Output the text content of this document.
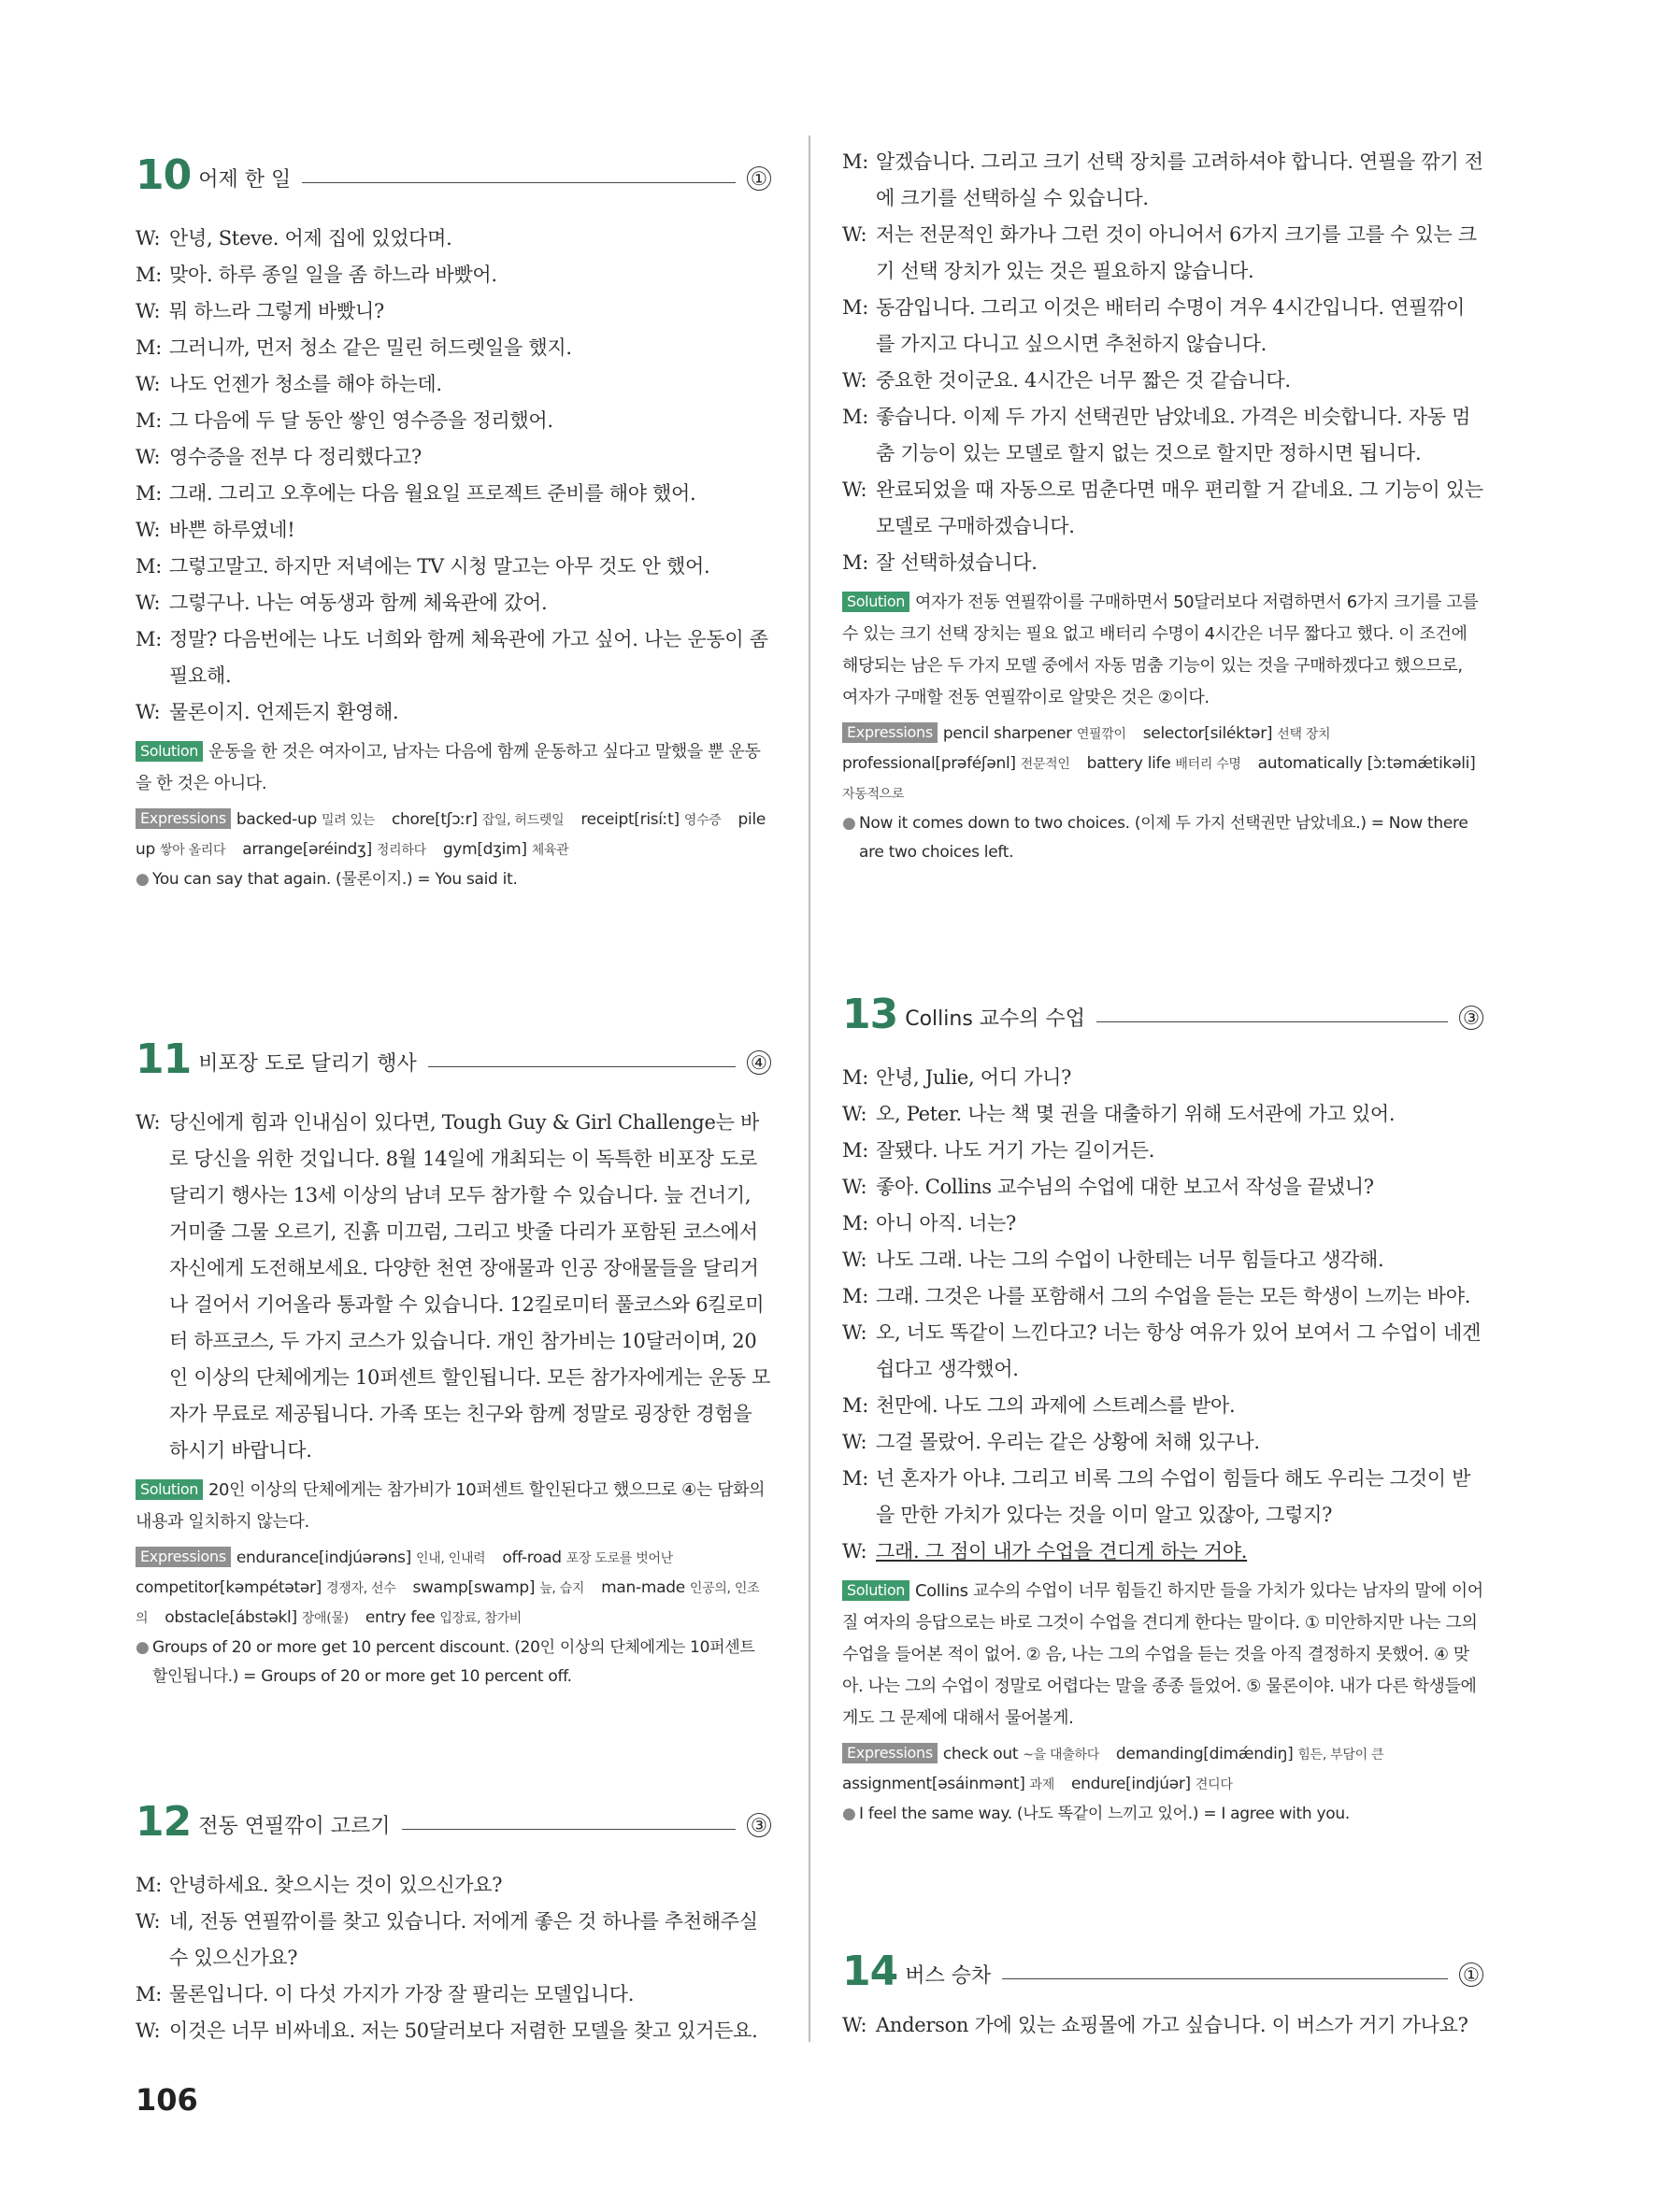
10 어제 한 일	①
W: 안녕, Steve. 어제 집에 있었다며.
M: 맞아. 하루 종일 일을 좀 하느라 바빴어.
W: 뭐 하느라 그렇게 바빴니?
M: 그러니까, 먼저 청소 같은 밀린 허드렛일을 했지.
W: 나도 언젠가 청소를 해야 하는데.
M: 그 다음에 두 달 동안 쌓인 영수증을 정리했어.
W: 영수증을 전부 다 정리했다고?
M: 그래. 그리고 오후에는 다음 월요일 프로젝트 준비를 해야 했어.
W: 바쁜 하루였네!
M: 그렇고말고. 하지만 저녁에는 TV 시청 말고는 아무 것도 안 했어.
W: 그렇구나. 나는 여동생과 함께 체육관에 갔어.
M: 정말? 다음번에는 나도 너희와 함께 체육관에 가고 싶어. 나는 운동이 좀 필요해.
W: 물론이지. 언제든지 환영해.
Solution 운동을 한 것은 여자이고, 남자는 다음에 함께 운동하고 싶다고 말했을 뿐 운동을 한 것은 아니다.
Expressions backed-up 밀려 있는 chore[tʃɔːr] 잡일, 허드렛일 receipt[risíːt] 영수증 pile up 쌓아 올리다 arrange[əréindʒ] 정리하다 gym[dʒim] 체육관
● You can say that again. (물론이지.) = You said it.
11 비포장 도로 달리기 행사	④
W: 당신에게 힘과 인내심이 있다면, Tough Guy & Girl Challenge는 바로 당신을 위한 것입니다. 8월 14일에 개최되는 이 독특한 비포장 도로 달리기 행사는 13세 이상의 남녀 모두 참가할 수 있습니다. 늪 건너기, 거미줄 그물 오르기, 진흙 미끄럼, 그리고 밧줄 다리가 포함된 코스에서 자신에게 도전해보세요. 다양한 천연 장애물과 인공 장애물들을 달리거나 걸어서 기어올라 통과할 수 있습니다. 12킬로미터 풀코스와 6킬로미터 하프코스, 두 가지 코스가 있습니다. 개인 참가비는 10달러이며, 20인 이상의 단체에게는 10퍼센트 할인됩니다. 모든 참가자에게는 운동 모자가 무료로 제공됩니다. 가족 또는 친구와 함께 정말로 굉장한 경험을 하시기 바랍니다.
Solution 20인 이상의 단체에게는 참가비가 10퍼센트 할인된다고 했으므로 ④는 담화의 내용과 일치하지 않는다.
Expressions endurance[indjúərəns] 인내, 인내력 off-road 포장 도로를 벗어난competitor[kəmpétətər] 경쟁자, 선수 swamp[swamp] 늪, 습지 man-made 인공의, 인조의 obstacle[ábstəkl] 장애(물) entry fee 입장료, 참가비
● Groups of 20 or more get 10 percent discount. (20인 이상의 단체에게는 10퍼센트 할인됩니다.) = Groups of 20 or more get 10 percent off.
12 전동 연필깎이 고르기	③
M: 안녕하세요. 찾으시는 것이 있으신가요?
W: 네, 전동 연필깎이를 찾고 있습니다. 저에게 좋은 것 하나를 추천해주실 수 있으신가요?
M: 물론입니다. 이 다섯 가지가 가장 잘 팔리는 모델입니다.
W: 이것은 너무 비싸네요. 저는 50달러보다 저렴한 모델을 찾고 있거든요.
M: 알겠습니다. 그리고 크기 선택 장치를 고려하셔야 합니다. 연필을 깎기 전에 크기를 선택하실 수 있습니다.
W: 저는 전문적인 화가나 그런 것이 아니어서 6가지 크기를 고를 수 있는 크기 선택 장치가 있는 것은 필요하지 않습니다.
M: 동감입니다. 그리고 이것은 배터리 수명이 겨우 4시간입니다. 연필깎이를 가지고 다니고 싶으시면 추천하지 않습니다.
W: 중요한 것이군요. 4시간은 너무 짧은 것 같습니다.
M: 좋습니다. 이제 두 가지 선택권만 남았네요. 가격은 비슷합니다. 자동 멈춤 기능이 있는 모델로 할지 없는 것으로 할지만 정하시면 됩니다.
W: 완료되었을 때 자동으로 멈춘다면 매우 편리할 거 같네요. 그 기능이 있는 모델로 구매하겠습니다.
M: 잘 선택하셨습니다.
Solution 여자가 전동 연필깎이를 구매하면서 50달러보다 저렴하면서 6가지 크기를 고를 수 있는 크기 선택 장치는 필요 없고 배터리 수명이 4시간은 너무 짧다고 했다. 이 조건에 해당되는 남은 두 가지 모델 중에서 자동 멈춤 기능이 있는 것을 구매하겠다고 했으므로, 여자가 구매할 전동 연필깎이로 알맞은 것은 ②이다.
Expressions pencil sharpener 연필깎이 selector[siléktər] 선택 장치professional[prəféʃənl] 전문적인 battery life 배터리 수명 automatically [ɔ̀ːtəmǽtikəli]자동적으로
● Now it comes down to two choices. (이제 두 가지 선택권만 남았네요.) = Now there are two choices left.
13 Collins 교수의 수업	③
M: 안녕, Julie, 어디 가니?
W: 오, Peter. 나는 책 몇 권을 대출하기 위해 도서관에 가고 있어.
M: 잘됐다. 나도 거기 가는 길이거든.
W: 좋아. Collins 교수님의 수업에 대한 보고서 작성을 끝냈니?
M: 아니 아직. 너는?
W: 나도 그래. 나는 그의 수업이 나한테는 너무 힘들다고 생각해.
M: 그래. 그것은 나를 포함해서 그의 수업을 듣는 모든 학생이 느끼는 바야.
W: 오, 너도 똑같이 느낀다고? 너는 항상 여유가 있어 보여서 그 수업이 네겐 쉽다고 생각했어.
M: 천만에. 나도 그의 과제에 스트레스를 받아.
W: 그걸 몰랐어. 우리는 같은 상황에 처해 있구나.
M: 넌 혼자가 아냐. 그리고 비록 그의 수업이 힘들다 해도 우리는 그것이 받을 만한 가치가 있다는 것을 이미 알고 있잖아, 그렇지?
W: 그래. 그 점이 내가 수업을 견디게 하는 거야.
Solution Collins 교수의 수업이 너무 힘들긴 하지만 들을 가치가 있다는 남자의 말에 이어질 여자의 응답으로는 바로 그것이 수업을 견디게 한다는 말이다. ① 미안하지만 나는 그의 수업을 들어본 적이 없어. ② 음, 나는 그의 수업을 듣는 것을 아직 결정하지 못했어. ④ 맞아. 나는 그의 수업이 정말로 어렵다는 말을 종종 들었어. ⑤ 물론이야. 내가 다른 학생들에게도 그 문제에 대해서 물어볼게.
Expressions check out ~을 대출하다 demanding[dimǽndiŋ] 힘든, 부담이 큰assignment[əsáinmənt] 과제 endure[indjúər] 견디다
● I feel the same way. (나도 똑같이 느끼고 있어.) = I agree with you.
14 버스 승차	①
W: Anderson 가에 있는 쇼핑몰에 가고 싶습니다. 이 버스가 거기 가나요?
106
